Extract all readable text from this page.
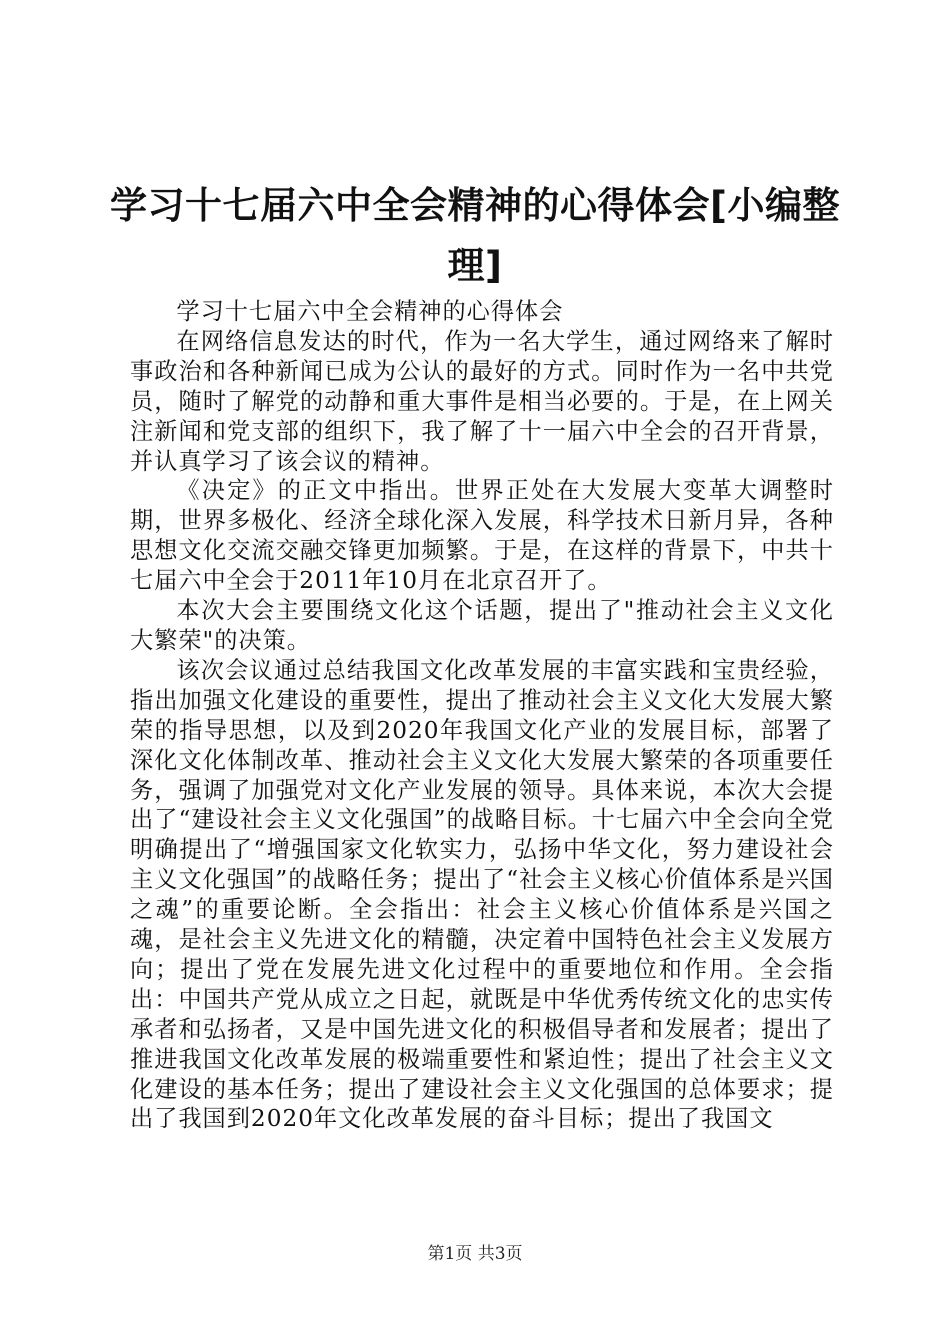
学习十七届六中全会精神的心得体会[小编整
理]

学习十七届六中全会精神的心得体会

在网络信息发达的时代，作为一名大学生，通过网络来了解时事政治和各种新闻已成为公认的最好的方式。同时作为一名中共党员，随时了解党的动静和重大事件是相当必要的。于是，在上网关注新闻和党支部的组织下，我了解了十一届六中全会的召开背景，并认真学习了该会议的精神。

《决定》的正文中指出。世界正处在大发展大变革大调整时期，世界多极化、经济全球化深入发展，科学技术日新月异，各种思想文化交流交融交锋更加频繁。于是，在这样的背景下，中共十七届六中全会于2011年10月在北京召开了。

本次大会主要围绕文化这个话题，提出了"推动社会主义文化大繁荣"的决策。

该次会议通过总结我国文化改革发展的丰富实践和宝贵经验，指出加强文化建设的重要性，提出了推动社会主义文化大发展大繁荣的指导思想，以及到2020年我国文化产业的发展目标，部署了深化文化体制改革、推动社会主义文化大发展大繁荣的各项重要任务，强调了加强党对文化产业发展的领导。具体来说，本次大会提出了“建设社会主义文化强国”的战略目标。十七届六中全会向全党明确提出了“增强国家文化软实力，弘扬中华文化，努力建设社会主义文化强国”的战略任务；提出了“社会主义核心价值体系是兴国之魂”的重要论断。全会指出：社会主义核心价值体系是兴国之魂，是社会主义先进文化的精髓，决定着中国特色社会主义发展方向；提出了党在发展先进文化过程中的重要地位和作用。全会指出：中国共产党从成立之日起，就既是中华优秀传统文化的忠实传承者和弘扬者，又是中国先进文化的积极倡导者和发展者；提出了推进我国文化改革发展的极端重要性和紧迫性；提出了社会主义文化建设的基本任务；提出了建设社会主义文化强国的总体要求；提出了我国到2020年文化改革发展的奋斗目标；提出了我国文

第1页 共3页
